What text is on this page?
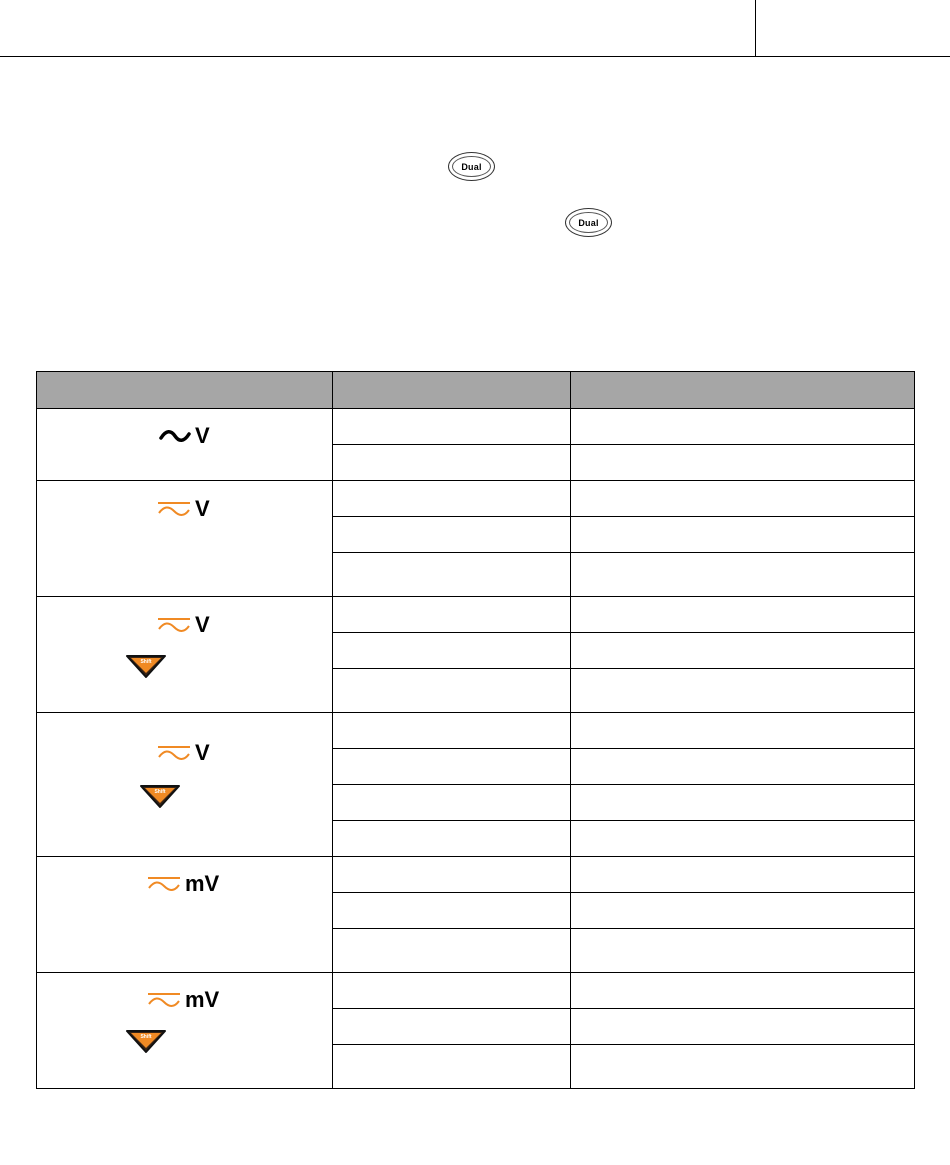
Dual
Dual

V		

V		

V
Shift		

V
Shift		

mV		

mV
Shift		
